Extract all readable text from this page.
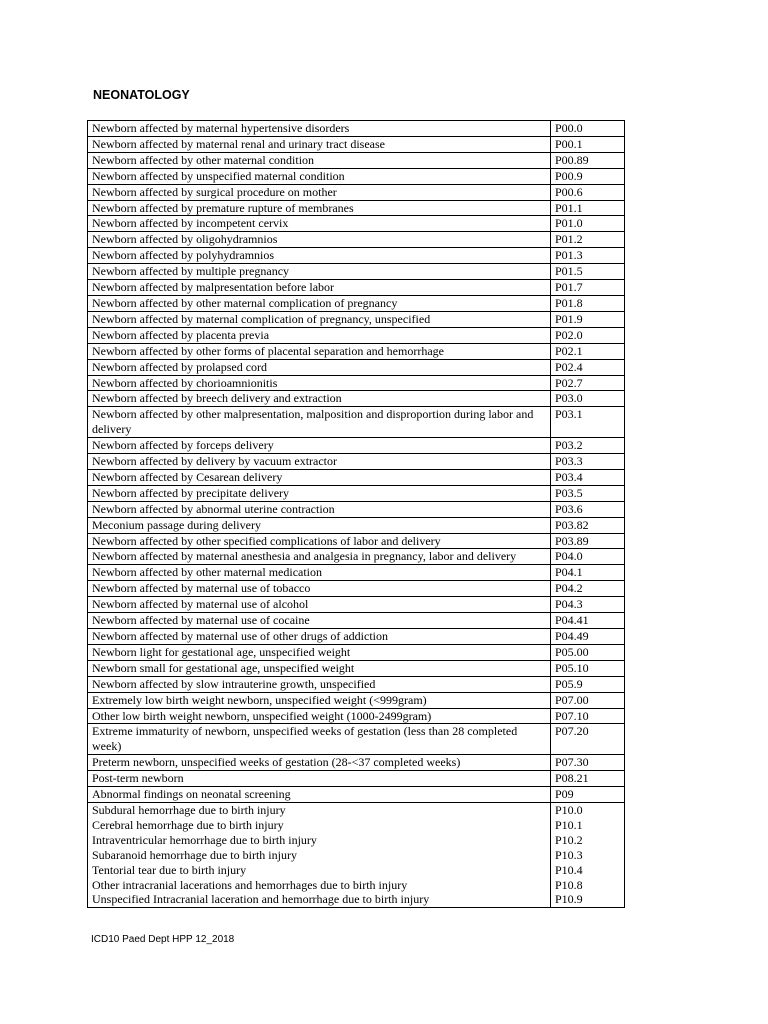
NEONATOLOGY
Newborn affected by maternal hypertensive disorders	P00.0
Newborn affected by maternal renal and urinary tract disease	P00.1
Newborn affected by other maternal condition	P00.89
Newborn affected by unspecified maternal condition	P00.9
Newborn affected by surgical procedure on mother	P00.6
Newborn affected by premature rupture of membranes	P01.1
Newborn affected by incompetent cervix	P01.0
Newborn affected by oligohydramnios	P01.2
Newborn affected by polyhydramnios	P01.3
Newborn affected by multiple pregnancy	P01.5
Newborn affected by malpresentation before labor	P01.7
Newborn affected by other maternal complication of pregnancy	P01.8
Newborn affected by maternal complication of pregnancy, unspecified	P01.9
Newborn affected by placenta previa	P02.0
Newborn affected by other forms of placental separation and hemorrhage	P02.1
Newborn affected by prolapsed cord	P02.4
Newborn affected by chorioamnionitis	P02.7
Newborn affected by breech delivery and extraction	P03.0
Newborn affected by other malpresentation, malposition and disproportion during labor and delivery	P03.1
Newborn affected by forceps delivery	P03.2
Newborn affected by delivery by vacuum extractor	P03.3
Newborn affected by Cesarean delivery	P03.4
Newborn affected by precipitate delivery	P03.5
Newborn affected by abnormal uterine contraction	P03.6
Meconium passage during delivery	P03.82
Newborn affected by other specified complications of labor and delivery	P03.89
Newborn affected by maternal anesthesia and analgesia in pregnancy, labor and delivery	P04.0
Newborn affected by other maternal medication	P04.1
Newborn affected by maternal use of tobacco	P04.2
Newborn affected by maternal use of alcohol	P04.3
Newborn affected by maternal use of cocaine	P04.41
Newborn affected by maternal use of other drugs of addiction	P04.49
Newborn light for gestational age, unspecified weight	P05.00
Newborn small for gestational age, unspecified weight	P05.10
Newborn affected by slow intrauterine growth, unspecified	P05.9
Extremely low birth weight newborn, unspecified weight (<999gram)	P07.00
Other low birth weight newborn, unspecified weight (1000-2499gram)	P07.10
Extreme immaturity of newborn, unspecified weeks of gestation (less than 28 completed week)	P07.20
Preterm newborn, unspecified weeks of gestation (28-<37 completed weeks)	P07.30
Post-term newborn	P08.21
Abnormal findings on neonatal screening	P09
Subdural hemorrhage due to birth injury	P10.0
Cerebral hemorrhage due to birth injury	P10.1
Intraventricular hemorrhage due to birth injury	P10.2
Subaranoid hemorrhage due to birth injury	P10.3
Tentorial tear due to birth injury	P10.4
Other intracranial lacerations and hemorrhages due to birth injury	P10.8
Unspecified Intracranial laceration and hemorrhage due to birth injury	P10.9
ICD10 Paed Dept HPP 12_2018
